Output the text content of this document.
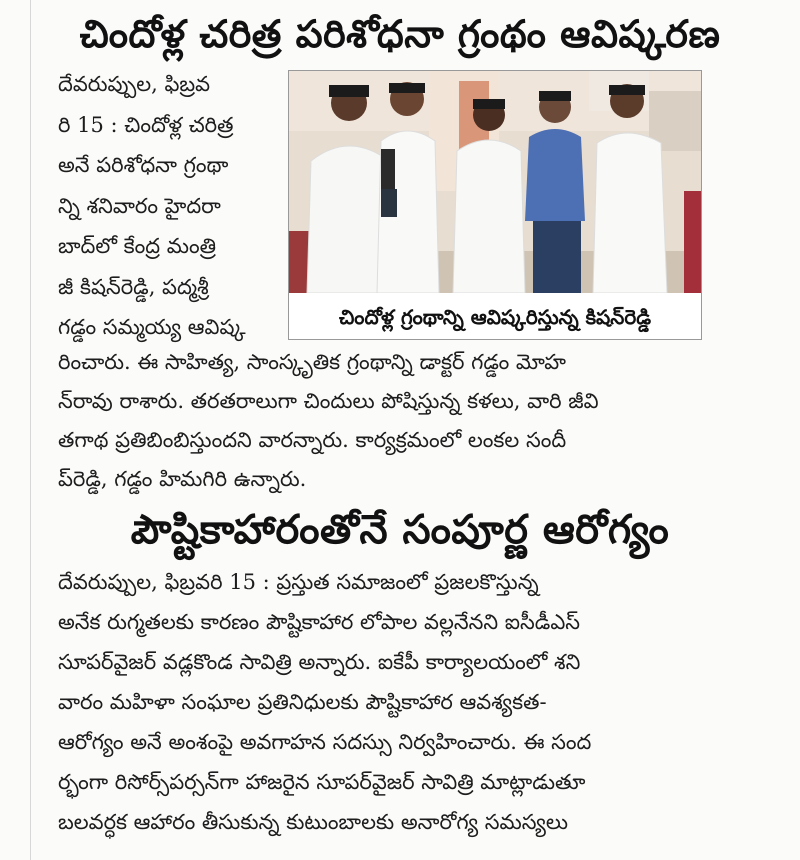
చిందోళ్ల చరిత్ర పరిశోధనా గ్రంథం ఆవిష్కరణ
దేవరుప్పుల, ఫిబ్రవ
రి 15 : చిందోళ్ల చరిత్ర
అనే పరిశోధనా గ్రంథా
న్ని శనివారం హైదరా
బాద్‌లో కేంద్ర మంత్రి
జీ కిషన్‌రెడ్డి, పద్మశ్రీ
గడ్డం సమ్మయ్య ఆవిష్క	చిందోళ్ల గ్రంథాన్ని ఆవిష్కరిస్తున్న కిషన్‌రెడ్డి
రించారు. ఈ సాహిత్య, సాంస్కృతిక గ్రంథాన్ని డాక్టర్ గడ్డం మోహ
న్‌రావు రాశారు. తరతరాలుగా చిందులు పోషిస్తున్న కళలు, వారి జీవి
తగాథ ప్రతిబింబిస్తుందని వారన్నారు. కార్యక్రమంలో లంకల సందీ
ప్‌రెడ్డి, గడ్డం హిమగిరి ఉన్నారు.
పౌష్టికాహారంతోనే సంపూర్ణ ఆరోగ్యం
దేవరుప్పుల, ఫిబ్రవరి 15 : ప్రస్తుత సమాజంలో ప్రజలకొస్తున్న
అనేక రుగ్మతలకు కారణం పౌష్టికాహార లోపాల వల్లనేనని ఐసీడీఎస్
సూపర్‌వైజర్ వడ్లకొండ సావిత్రి అన్నారు. ఐకేపీ కార్యాలయంలో శని
వారం మహిళా సంఘాల ప్రతినిధులకు పౌష్టికాహార ఆవశ్యకత-
ఆరోగ్యం అనే అంశంపై అవగాహన సదస్సు నిర్వహించారు. ఈ సంద
ర్భంగా రిసోర్స్‌పర్సన్‌గా హాజరైన సూపర్‌వైజర్ సావిత్రి మాట్లాడుతూ
బలవర్ధక ఆహారం తీసుకున్న కుటుంబాలకు అనారోగ్య సమస్యలు
